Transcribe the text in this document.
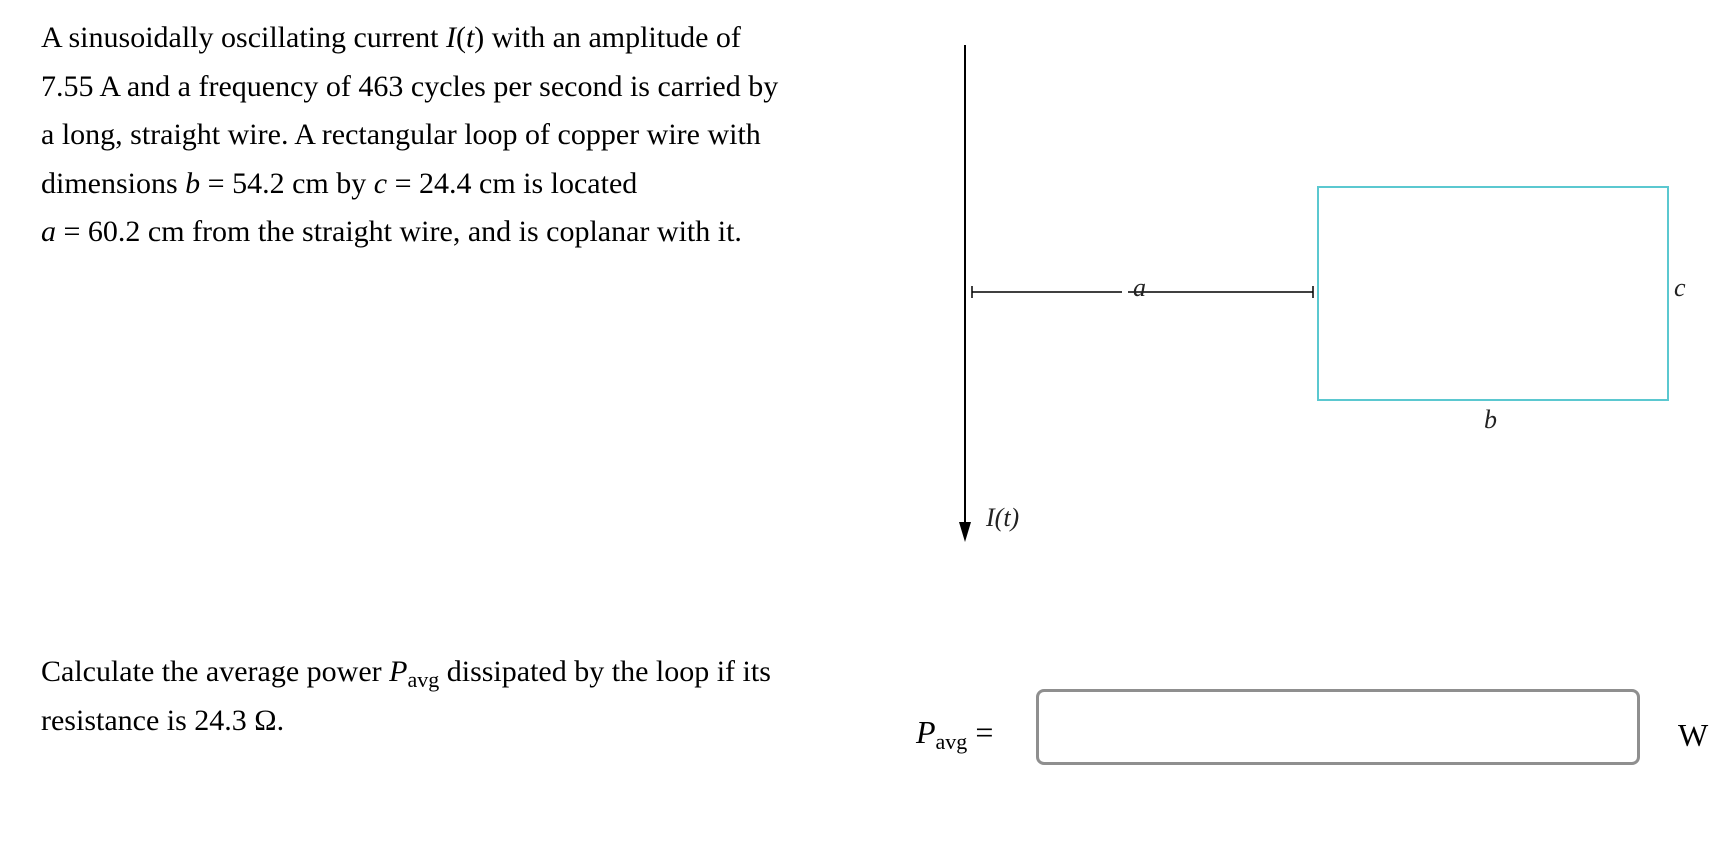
A sinusoidally oscillating current I(t) with an amplitude of
7.55 A and a frequency of 463 cycles per second is carried by
a long, straight wire. A rectangular loop of copper wire with
dimensions b = 54.2 cm by c = 24.4 cm is located
a = 60.2 cm from the straight wire, and is coplanar with it.
I(t)
a
b
c
Calculate the average power $P_{avg}$ dissipated by the loop if its
resistance is 24.3 Ω.	$P_{avg}$ =	W
